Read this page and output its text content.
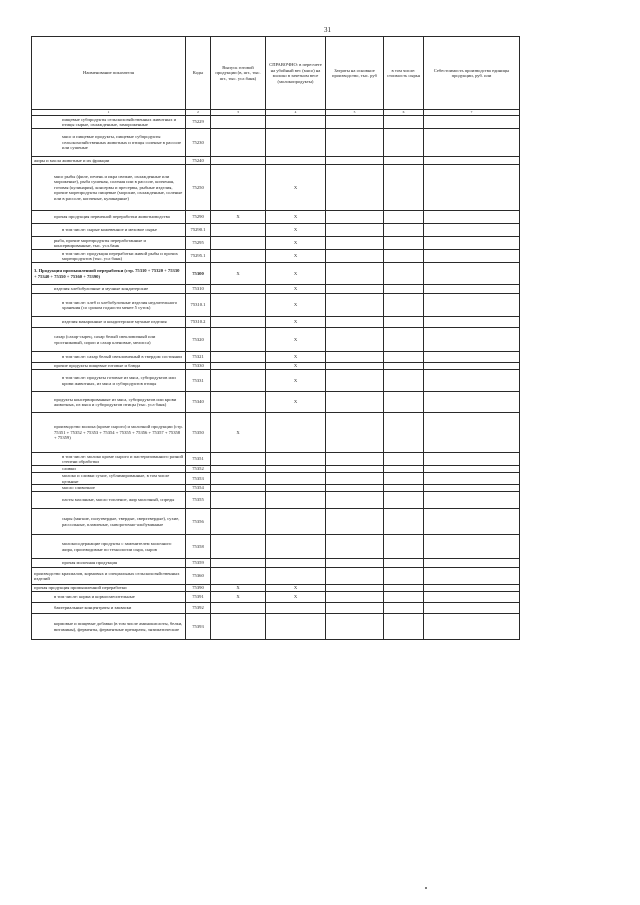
31
Наименование показателя	Коды	Выпуск готовой продукции (в, шт., тыс. шт., тыс. усл.банк)	СПРАВОЧНО: в пересчете на убойный вес (мясо) на молоко в зачетном весе (молокопродукты)	Затраты на основное производство, тыс. руб	в том числе: стоимость сырья	Себестоимость производства единицы продукции, руб. или	
1	2	3	4	5	6	7	
пищевые субпродукты сельскохозяйственных животных и птицы сырые, охлажденные, замороженные	75229						
мясо и пищевые продукты, пищевые субпродукты сельскохозяйственных животных и птицы соленые в рассоле или сушеные	75230						
жиры и масла животные и их фракции	75240						
мясо рыбы (филе, печень и икра свежие, охлажденные или мороженые), рыба сушеная, соленая или в рассоле, копченая, готовая (кулинария), консервы и пресервы, рыбные изделия, прочие морепродукты пищевые (морские, охлажденные, соленые или в рассоле, копченые, кулинарные)	75250		X				
прочая продукция первичной переработки животноводства	75290	X	X				
в том числе: сырые кожевенное и меховое сырье	75290.1		X				
рыба, прочие морепродукты переработанные и консервированные, тыс. усл.банк	75295		X				
в том числе: продукция переработки живой рыбы и прочих морепродуктов (тыс. усл банк)	75295.1		X				
3. Продукция промышленной переработки (стр. 75310 + 75320 + 75330 + 75340 + 75350 + 75360 + 75390)	75300	X	X				
изделия хлебобулочные и мучные кондитерские	75310		X				
в том числе: хлеб и хлебобулочные изделия недлительного хранения (со сроком годности менее 5 суток)	75310.1		X				
изделия макаронные и кондитерские мучные изделия	75310.2		X				
сахар (сахар-сырец, сахар белый свекловичный или тростниковый, сироп и сахар кленовые, мелисса)	75320		X				
в том числе: сахар белый свекловичный в твердом состоянии	75321		X				
прочие продукты пищевые готовые и блюда	75330		X				
в том числе: продукты готовые из мяса, субпродуктов или крови животных, из мяса и субпродуктов птицы	75331		X				
продукты консервированные из мяса, субпродуктов или крови животных, из мяса и субпродуктов птицы (тыс. усл банк)	75340		X				
производство молока (кроме сырого) и молочной продукции (стр. 75351 + 75352 + 75353 + 75354 + 75355 + 75356 + 75357 + 75358 + 75359)	75350	X					
в том числе: молоко кроме сырого и пастеризованного разной степени обработки	75351						
сливки	75352						
молоко и сливки сухие, сублимированные, в том числе цельные	75353						
масло сливочное	75354						
пасты масляные, масло топленое, жир молочный, спреды	75355						
сыры (мягкие, полутвердые, твердые, сверхтвердые), сухие, рассольные, плавленые, сывороточно-альбуминные	75356						
молокосодержащие продукты с заменителем молочного жира, производимые по технологии сыра, сыров	75358						
прочая молочная продукция	75359						
производство крахмалов, кормовых и специальных сельскохозяйственных изделий	75360						
прочая продукция промышленной переработки	75390	X	X				
в том числе: корма и кормосмесительные	75391	X	X				
бактериальные концентраты и закваски	75392						
кормовые и пищевые добавки (в том числе аминокислоты, белки, витамины), ферменты, ферментные препараты, энзиматические	75393						
